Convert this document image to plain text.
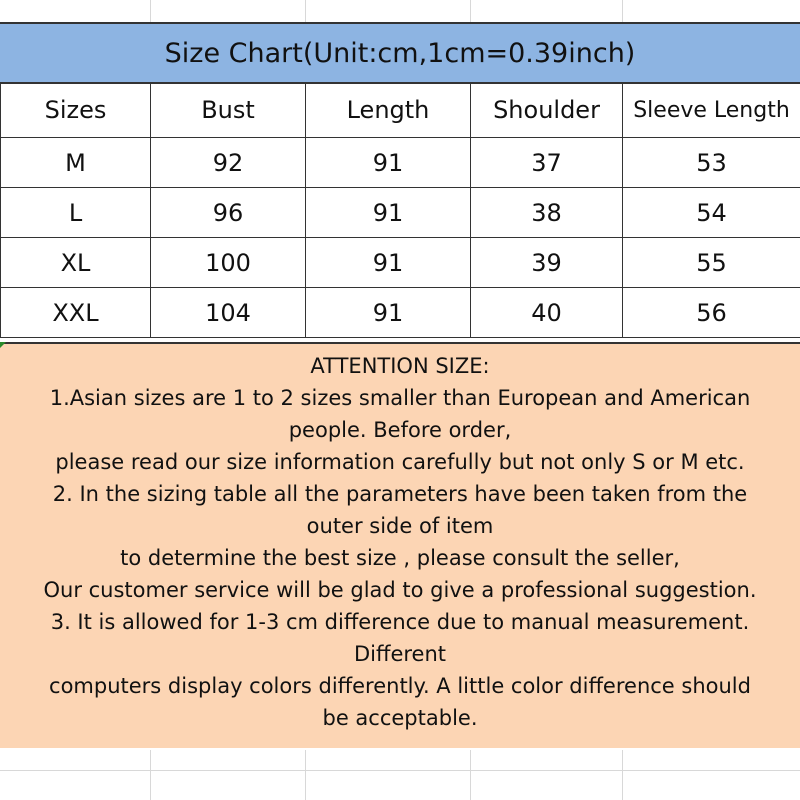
Size Chart(Unit:cm,1cm=0.39inch)
Sizes	Bust	Length	Shoulder	Sleeve Length
M	92	91	37	53
L	96	91	38	54
XL	100	91	39	55
XXL	104	91	40	56
ATTENTION SIZE:
1.Asian sizes are 1 to 2 sizes smaller than European and American
people. Before order,
please read our size information carefully but not only S or M etc.
2. In the sizing table all the parameters have been taken from the
outer side of item
to determine the best size , please consult the seller,
Our customer service will be glad to give a professional suggestion.
3. It is allowed for 1-3 cm difference due to manual measurement.
Different
computers display colors differently. A little color difference should
be acceptable.
